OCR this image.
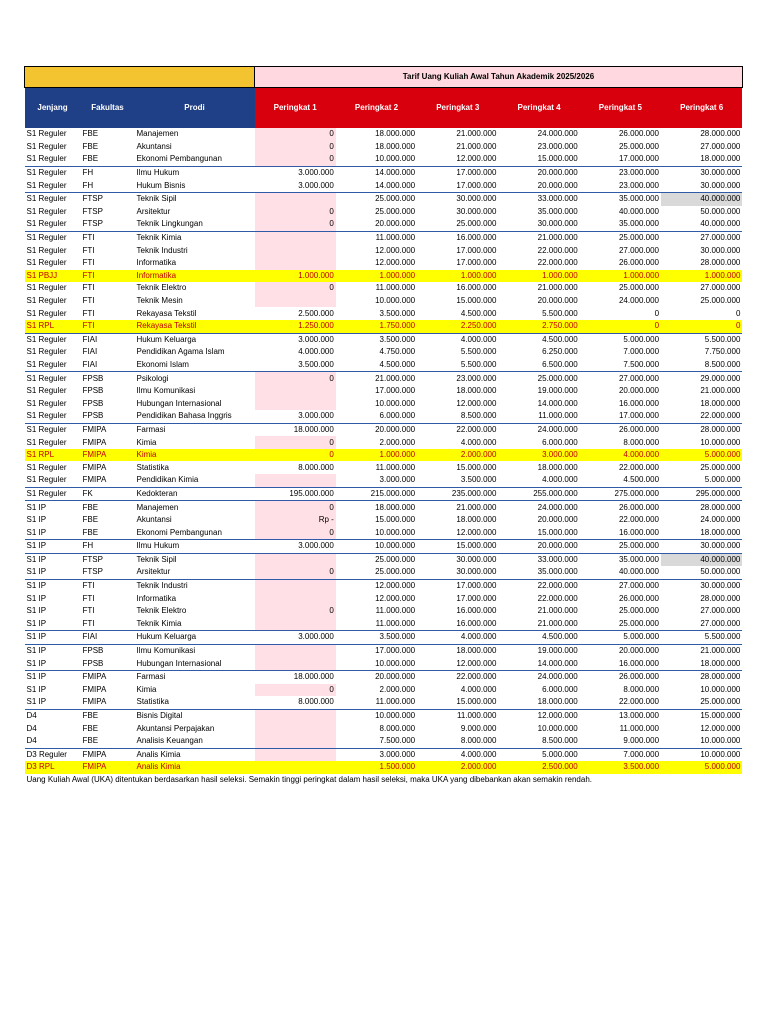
			Tarif Uang Kuliah Awal Tahun Akademik 2025/2026					
Jenjang	Fakultas	Prodi	Peringkat 1	Peringkat 2	Peringkat 3	Peringkat 4	Peringkat 5	Peringkat 6
S1 Reguler	FBE	Manajemen	0	18.000.000	21.000.000	24.000.000	26.000.000	28.000.000
S1 Reguler	FBE	Akuntansi	0	18.000.000	21.000.000	23.000.000	25.000.000	27.000.000
S1 Reguler	FBE	Ekonomi Pembangunan	0	10.000.000	12.000.000	15.000.000	17.000.000	18.000.000
S1 Reguler	FH	Ilmu Hukum	3.000.000	14.000.000	17.000.000	20.000.000	23.000.000	30.000.000
S1 Reguler	FH	Hukum Bisnis	3.000.000	14.000.000	17.000.000	20.000.000	23.000.000	30.000.000
S1 Reguler	FTSP	Teknik Sipil		25.000.000	30.000.000	33.000.000	35.000.000	40.000.000
S1 Reguler	FTSP	Arsitektur	0	25.000.000	30.000.000	35.000.000	40.000.000	50.000.000
S1 Reguler	FTSP	Teknik Lingkungan	0	20.000.000	25.000.000	30.000.000	35.000.000	40.000.000
S1 Reguler	FTI	Teknik Kimia		11.000.000	16.000.000	21.000.000	25.000.000	27.000.000
S1 Reguler	FTI	Teknik Industri		12.000.000	17.000.000	22.000.000	27.000.000	30.000.000
S1 Reguler	FTI	Informatika		12.000.000	17.000.000	22.000.000	26.000.000	28.000.000
S1 PBJJ	FTI	Informatika	1.000.000	1.000.000	1.000.000	1.000.000	1.000.000	1.000.000
S1 Reguler	FTI	Teknik Elektro	0	11.000.000	16.000.000	21.000.000	25.000.000	27.000.000
S1 Reguler	FTI	Teknik Mesin		10.000.000	15.000.000	20.000.000	24.000.000	25.000.000
S1 Reguler	FTI	Rekayasa Tekstil	2.500.000	3.500.000	4.500.000	5.500.000	0	0
S1 RPL	FTI	Rekayasa Tekstil	1.250.000	1.750.000	2.250.000	2.750.000	0	0
S1 Reguler	FIAI	Hukum Keluarga	3.000.000	3.500.000	4.000.000	4.500.000	5.000.000	5.500.000
S1 Reguler	FIAI	Pendidikan Agama Islam	4.000.000	4.750.000	5.500.000	6.250.000	7.000.000	7.750.000
S1 Reguler	FIAI	Ekonomi Islam	3.500.000	4.500.000	5.500.000	6.500.000	7.500.000	8.500.000
S1 Reguler	FPSB	Psikologi	0	21.000.000	23.000.000	25.000.000	27.000.000	29.000.000
S1 Reguler	FPSB	Ilmu Komunikasi		17.000.000	18.000.000	19.000.000	20.000.000	21.000.000
S1 Reguler	FPSB	Hubungan Internasional		10.000.000	12.000.000	14.000.000	16.000.000	18.000.000
S1 Reguler	FPSB	Pendidikan Bahasa Inggris	3.000.000	6.000.000	8.500.000	11.000.000	17.000.000	22.000.000
S1 Reguler	FMIPA	Farmasi	18.000.000	20.000.000	22.000.000	24.000.000	26.000.000	28.000.000
S1 Reguler	FMIPA	Kimia	0	2.000.000	4.000.000	6.000.000	8.000.000	10.000.000
S1 RPL	FMIPA	Kimia	0	1.000.000	2.000.000	3.000.000	4.000.000	5.000.000
S1 Reguler	FMIPA	Statistika	8.000.000	11.000.000	15.000.000	18.000.000	22.000.000	25.000.000
S1 Reguler	FMIPA	Pendidikan Kimia		3.000.000	3.500.000	4.000.000	4.500.000	5.000.000
S1 Reguler	FK	Kedokteran	195.000.000	215.000.000	235.000.000	255.000.000	275.000.000	295.000.000
S1 IP	FBE	Manajemen	0	18.000.000	21.000.000	24.000.000	26.000.000	28.000.000
S1 IP	FBE	Akuntansi	Rp -	15.000.000	18.000.000	20.000.000	22.000.000	24.000.000
S1 IP	FBE	Ekonomi Pembangunan	0	10.000.000	12.000.000	15.000.000	16.000.000	18.000.000
S1 IP	FH	Ilmu Hukum	3.000.000	10.000.000	15.000.000	20.000.000	25.000.000	30.000.000
S1 IP	FTSP	Teknik Sipil		25.000.000	30.000.000	33.000.000	35.000.000	40.000.000
S1 IP	FTSP	Arsitektur	0	25.000.000	30.000.000	35.000.000	40.000.000	50.000.000
S1 IP	FTI	Teknik Industri		12.000.000	17.000.000	22.000.000	27.000.000	30.000.000
S1 IP	FTI	Informatika		12.000.000	17.000.000	22.000.000	26.000.000	28.000.000
S1 IP	FTI	Teknik Elektro	0	11.000.000	16.000.000	21.000.000	25.000.000	27.000.000
S1 IP	FTI	Teknik Kimia		11.000.000	16.000.000	21.000.000	25.000.000	27.000.000
S1 IP	FIAI	Hukum Keluarga	3.000.000	3.500.000	4.000.000	4.500.000	5.000.000	5.500.000
S1 IP	FPSB	Ilmu Komunikasi		17.000.000	18.000.000	19.000.000	20.000.000	21.000.000
S1 IP	FPSB	Hubungan Internasional		10.000.000	12.000.000	14.000.000	16.000.000	18.000.000
S1 IP	FMIPA	Farmasi	18.000.000	20.000.000	22.000.000	24.000.000	26.000.000	28.000.000
S1 IP	FMIPA	Kimia	0	2.000.000	4.000.000	6.000.000	8.000.000	10.000.000
S1 IP	FMIPA	Statistika	8.000.000	11.000.000	15.000.000	18.000.000	22.000.000	25.000.000
D4	FBE	Bisnis Digital		10.000.000	11.000.000	12.000.000	13.000.000	15.000.000
D4	FBE	Akuntansi Perpajakan		8.000.000	9.000.000	10.000.000	11.000.000	12.000.000
D4	FBE	Analisis Keuangan		7.500.000	8.000.000	8.500.000	9.000.000	10.000.000
D3 Reguler	FMIPA	Analis Kimia		3.000.000	4.000.000	5.000.000	7.000.000	10.000.000
D3 RPL	FMIPA	Analis Kimia		1.500.000	2.000.000	2.500.000	3.500.000	5.000.000
Uang Kuliah Awal (UKA) ditentukan berdasarkan hasil seleksi. Semakin tinggi peringkat dalam hasil seleksi, maka UKA yang dibebankan akan semakin rendah.								
